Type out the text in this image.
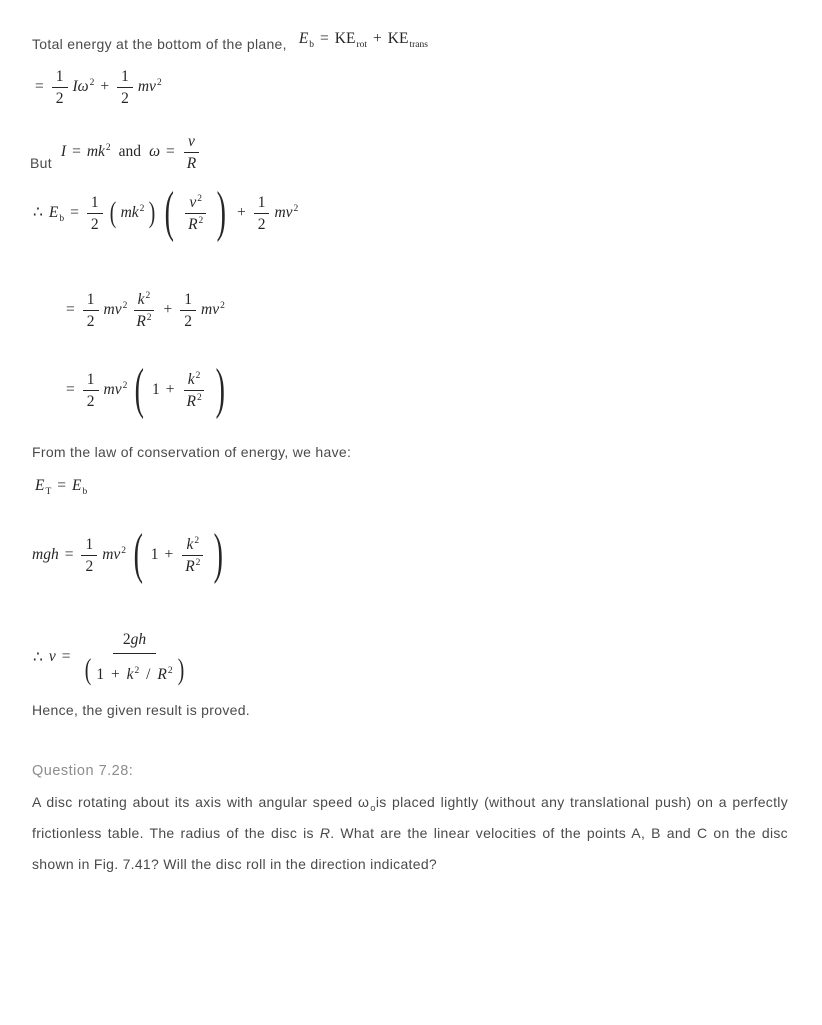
Total energy at the bottom of the plane, $E_b = KE_{rot} + KE_{trans}$
= $\frac{1}{2} I\omega^2 + \frac{1}{2} mv^2$
But
$I = mk^2$ and $\omega = \frac{v}{R}$
∴ $E_b = \frac{1}{2}$ ( $mk^2$ ) ( $\frac{v^2}{R^2}$ ) + $\frac{1}{2} mv^2$
= $\frac{1}{2} mv^2 \frac{k^2}{R^2} + \frac{1}{2} mv^2$
= $\frac{1}{2} mv^2$ ( $1 + \frac{k^2}{R^2}$ )
From the law of conservation of energy, we have:
$E_T = E_b$
mgh = $\frac{1}{2} mv^2$ ( $1 + \frac{k^2}{R^2}$ )
∴ $v = \frac{2gh}{( 1 + k^2 / R^2 )}$
Hence, the given result is proved.
Question 7.28:
A disc rotating about its axis with angular speed $\omega_ois$ placed lightly (without any translational push) on a perfectly frictionless table. The radius of the disc is R. What are the linear velocities of the points A, B and C on the disc shown in Fig. 7.41? Will the disc roll in the direction indicated?
